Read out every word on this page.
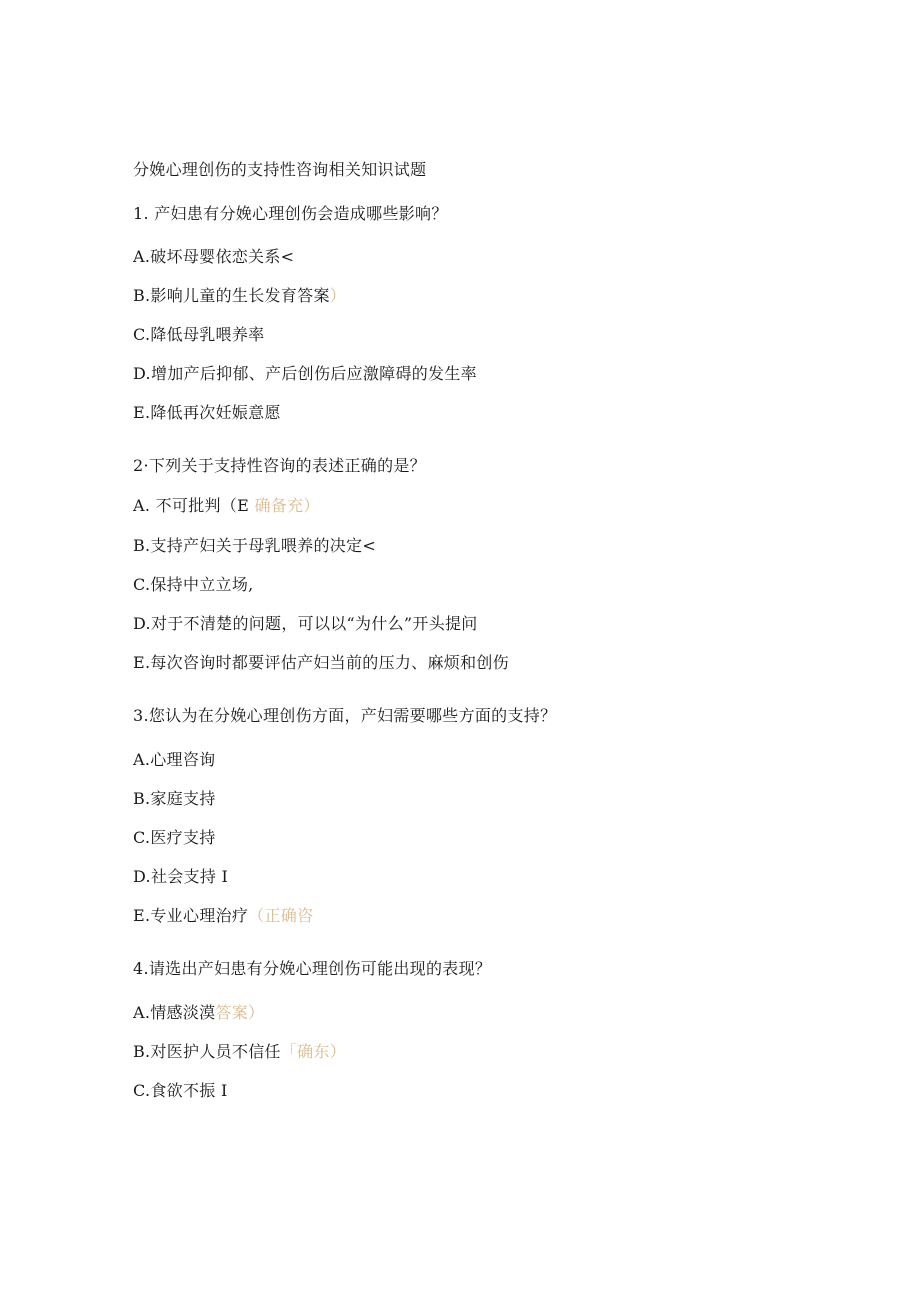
分娩心理创伤的支持性咨询相关知识试题
1. 产妇患有分娩心理创伤会造成哪些影响？
A.破坏母婴依恋关系<
B.影响儿童的生长发育答案）
C.降低母乳喂养率
D.增加产后抑郁、产后创伤后应激障碍的发生率
E.降低再次妊娠意愿
2·下列关于支持性咨询的表述正确的是？
A. 不可批判（E 确备充）
B.支持产妇关于母乳喂养的决定<
C.保持中立立场,
D.对于不清楚的问题，可以以“为什么”开头提问
E.每次咨询时都要评估产妇当前的压力、麻烦和创伤
3.您认为在分娩心理创伤方面，产妇需要哪些方面的支持？
A.心理咨询
B.家庭支持
C.医疗支持
D.社会支持 I
E.专业心理治疗（正确咨
4.请选出产妇患有分娩心理创伤可能出现的表现？
A.情感淡漠答案）
B.对医护人员不信任「确东）
C.食欲不振 I
